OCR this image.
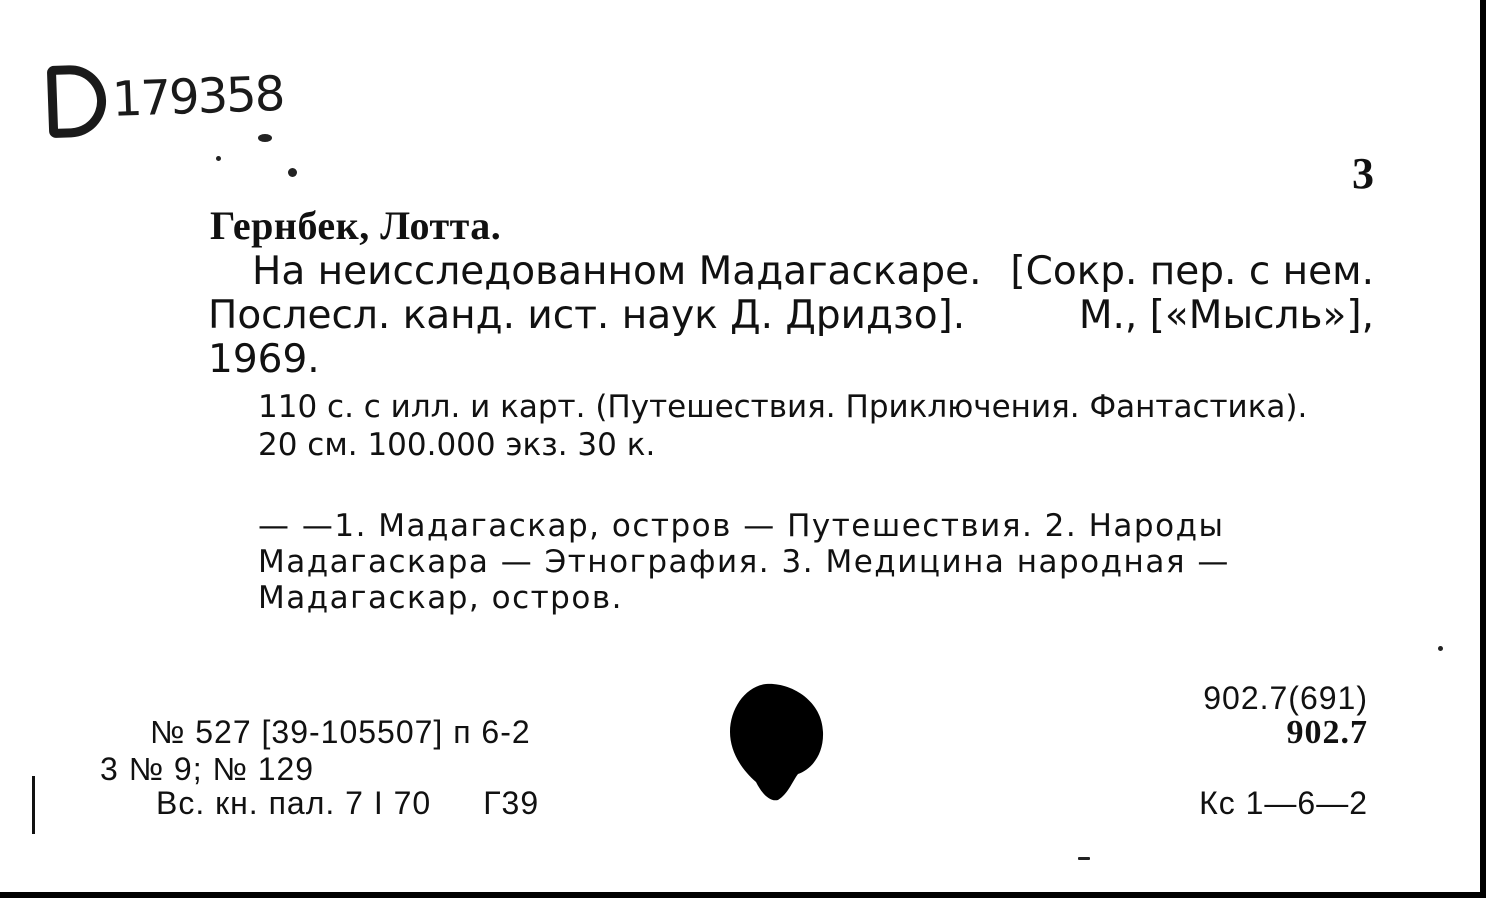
179358
3
Гернбек, Лотта.
На неисследованном Мадагаскаре. [Сокр. пер. с нем.
Послесл. канд. ист. наук Д. Дридзо].	М., [«Мысль»],
1969.
110 с. с илл. и карт. (Путешествия. Приключения. Фантастика).
20 см. 100.000 экз. 30 к.
— —1. Мадагаскар, остров — Путешествия. 2. Народы Мадагаскара — Этнография. 3. Медицина народная — Мадагаскар, остров.
№ 527 [39-105507] п 6-2
3 № 9; № 129
Вс. кн. пал. 7 I 70 Г39
902.7(691)
902.7
Кс 1—6—2
